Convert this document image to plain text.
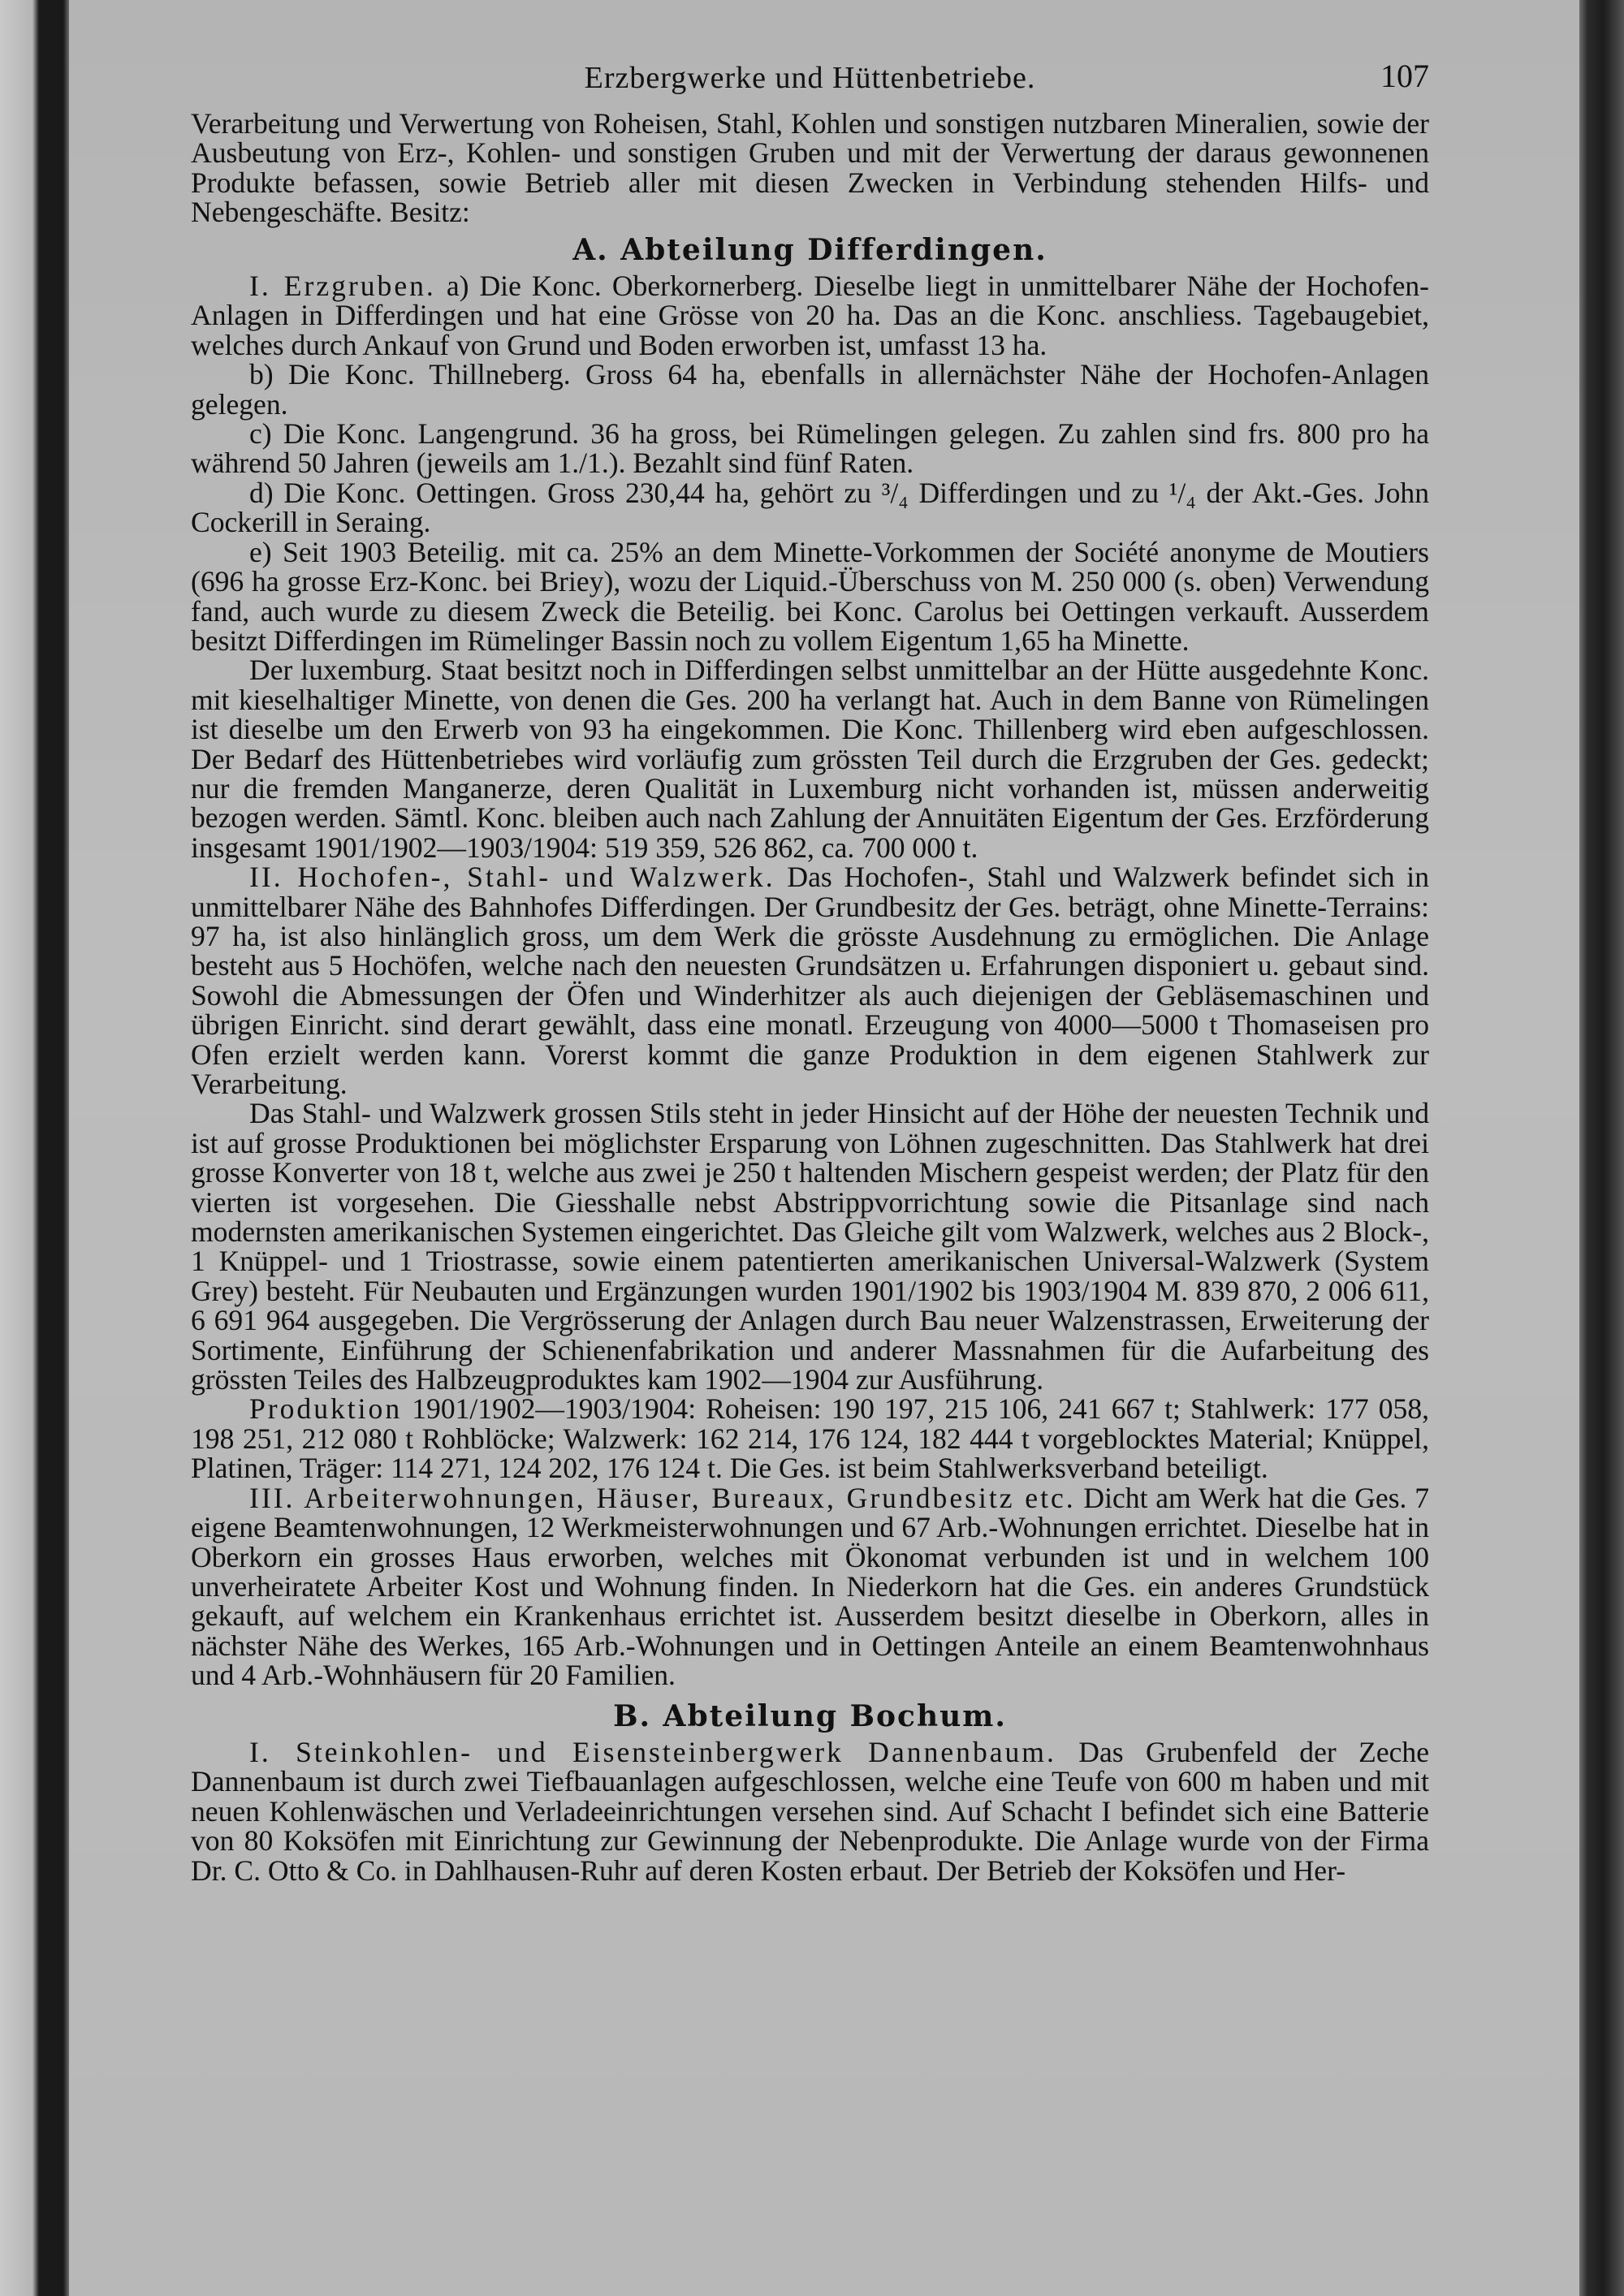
Erzbergwerke und Hüttenbetriebe.	107

Verarbeitung und Verwertung von Roheisen, Stahl, Kohlen und sonstigen nutzbaren Mineralien, sowie der Ausbeutung von Erz-, Kohlen- und sonstigen Gruben und mit der Verwertung der daraus gewonnenen Produkte befassen, sowie Betrieb aller mit diesen Zwecken in Verbindung stehenden Hilfs- und Nebengeschäfte. Besitz:

A. Abteilung Differdingen.

I. Erzgruben. a) Die Konc. Oberkornerberg. Dieselbe liegt in unmittelbarer Nähe der Hochofen-Anlagen in Differdingen und hat eine Grösse von 20 ha. Das an die Konc. anschliess. Tagebaugebiet, welches durch Ankauf von Grund und Boden erworben ist, umfasst 13 ha.

b) Die Konc. Thillneberg. Gross 64 ha, ebenfalls in allernächster Nähe der Hochofen-Anlagen gelegen.

c) Die Konc. Langengrund. 36 ha gross, bei Rümelingen gelegen. Zu zahlen sind frs. 800 pro ha während 50 Jahren (jeweils am 1./1.). Bezahlt sind fünf Raten.

d) Die Konc. Oettingen. Gross 230,44 ha, gehört zu ³/₄ Differdingen und zu ¹/₄ der Akt.-Ges. John Cockerill in Seraing.

e) Seit 1903 Beteilig. mit ca. 25% an dem Minette-Vorkommen der Société anonyme de Moutiers (696 ha grosse Erz-Konc. bei Briey), wozu der Liquid.-Überschuss von M. 250 000 (s. oben) Verwendung fand, auch wurde zu diesem Zweck die Beteilig. bei Konc. Carolus bei Oettingen verkauft. Ausserdem besitzt Differdingen im Rümelinger Bassin noch zu vollem Eigentum 1,65 ha Minette.

Der luxemburg. Staat besitzt noch in Differdingen selbst unmittelbar an der Hütte ausgedehnte Konc. mit kieselhaltiger Minette, von denen die Ges. 200 ha verlangt hat. Auch in dem Banne von Rümelingen ist dieselbe um den Erwerb von 93 ha eingekommen. Die Konc. Thillenberg wird eben aufgeschlossen. Der Bedarf des Hüttenbetriebes wird vorläufig zum grössten Teil durch die Erzgruben der Ges. gedeckt; nur die fremden Manganerze, deren Qualität in Luxemburg nicht vorhanden ist, müssen anderweitig bezogen werden. Sämtl. Konc. bleiben auch nach Zahlung der Annuitäten Eigentum der Ges. Erzförderung insgesamt 1901/1902—1903/1904: 519 359, 526 862, ca. 700 000 t.

II. Hochofen-, Stahl- und Walzwerk. Das Hochofen-, Stahl und Walzwerk befindet sich in unmittelbarer Nähe des Bahnhofes Differdingen. Der Grundbesitz der Ges. beträgt, ohne Minette-Terrains: 97 ha, ist also hinlänglich gross, um dem Werk die grösste Ausdehnung zu ermöglichen. Die Anlage besteht aus 5 Hochöfen, welche nach den neuesten Grundsätzen u. Erfahrungen disponiert u. gebaut sind. Sowohl die Abmessungen der Öfen und Winderhitzer als auch diejenigen der Gebläsemaschinen und übrigen Einricht. sind derart gewählt, dass eine monatl. Erzeugung von 4000—5000 t Thomaseisen pro Ofen erzielt werden kann. Vorerst kommt die ganze Produktion in dem eigenen Stahlwerk zur Verarbeitung.

Das Stahl- und Walzwerk grossen Stils steht in jeder Hinsicht auf der Höhe der neuesten Technik und ist auf grosse Produktionen bei möglichster Ersparung von Löhnen zugeschnitten. Das Stahlwerk hat drei grosse Konverter von 18 t, welche aus zwei je 250 t haltenden Mischern gespeist werden; der Platz für den vierten ist vorgesehen. Die Giesshalle nebst Abstrippvorrichtung sowie die Pitsanlage sind nach modernsten amerikanischen Systemen eingerichtet. Das Gleiche gilt vom Walzwerk, welches aus 2 Block-, 1 Knüppel- und 1 Triostrasse, sowie einem patentierten amerikanischen Universal-Walzwerk (System Grey) besteht. Für Neubauten und Ergänzungen wurden 1901/1902 bis 1903/1904 M. 839 870, 2 006 611, 6 691 964 ausgegeben. Die Vergrösserung der Anlagen durch Bau neuer Walzenstrassen, Erweiterung der Sortimente, Einführung der Schienenfabrikation und anderer Massnahmen für die Aufarbeitung des grössten Teiles des Halbzeugproduktes kam 1902—1904 zur Ausführung.

Produktion 1901/1902—1903/1904: Roheisen: 190 197, 215 106, 241 667 t; Stahlwerk: 177 058, 198 251, 212 080 t Rohblöcke; Walzwerk: 162 214, 176 124, 182 444 t vorgeblocktes Material; Knüppel, Platinen, Träger: 114 271, 124 202, 176 124 t. Die Ges. ist beim Stahlwerksverband beteiligt.

III. Arbeiterwohnungen, Häuser, Bureaux, Grundbesitz etc. Dicht am Werk hat die Ges. 7 eigene Beamtenwohnungen, 12 Werkmeisterwohnungen und 67 Arb.-Wohnungen errichtet. Dieselbe hat in Oberkorn ein grosses Haus erworben, welches mit Ökonomat verbunden ist und in welchem 100 unverheiratete Arbeiter Kost und Wohnung finden. In Niederkorn hat die Ges. ein anderes Grundstück gekauft, auf welchem ein Krankenhaus errichtet ist. Ausserdem besitzt dieselbe in Oberkorn, alles in nächster Nähe des Werkes, 165 Arb.-Wohnungen und in Oettingen Anteile an einem Beamtenwohnhaus und 4 Arb.-Wohnhäusern für 20 Familien.

B. Abteilung Bochum.

I. Steinkohlen- und Eisensteinbergwerk Dannenbaum. Das Grubenfeld der Zeche Dannenbaum ist durch zwei Tiefbauanlagen aufgeschlossen, welche eine Teufe von 600 m haben und mit neuen Kohlenwäschen und Verladeeinrichtungen versehen sind. Auf Schacht I befindet sich eine Batterie von 80 Koksöfen mit Einrichtung zur Gewinnung der Nebenprodukte. Die Anlage wurde von der Firma Dr. C. Otto & Co. in Dahlhausen-Ruhr auf deren Kosten erbaut. Der Betrieb der Koksöfen und Her-
